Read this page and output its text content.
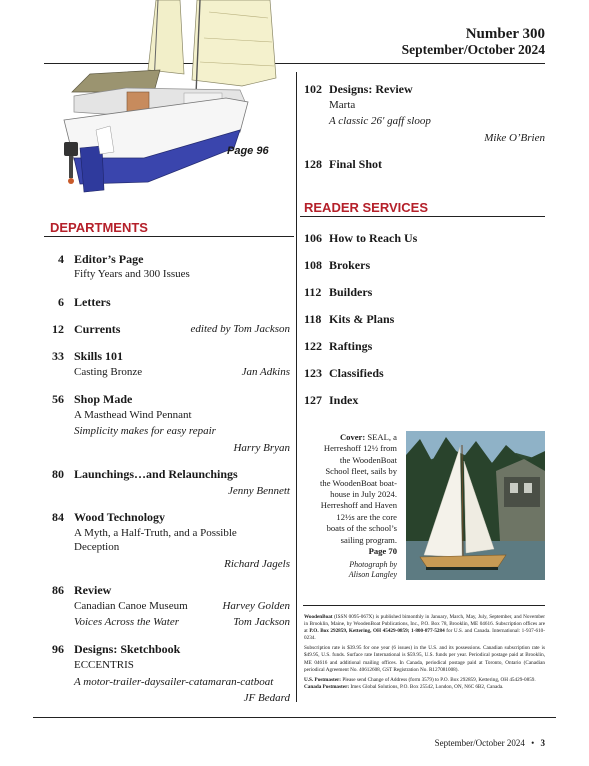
Number 300
September/October 2024
Page 96
DEPARTMENTS
4 Editor’s Page
Fifty Years and 300 Issues
6 Letters
12 Currents	edited by Tom Jackson
33 Skills 101
Casting Bronze	Jan Adkins
56 Shop Made
A Masthead Wind Pennant
Simplicity makes for easy repair
Harry Bryan
80 Launchings…and Relaunchings
Jenny Bennett
84 Wood Technology
A Myth, a Half-Truth, and a Possible
Deception
Richard Jagels
86 Review
Canadian Canoe Museum	Harvey Golden
Voices Across the Water	Tom Jackson
96 Designs: Sketchbook
ECCENTRIS
A motor-trailer-daysailer-catamaran-catboat
JF Bedard
102 Designs: Review
Marta
A classic 26′ gaff sloop
Mike O’Brien
128 Final Shot
READER SERVICES
106 How to Reach Us
108 Brokers
112 Builders
118 Kits & Plans
122 Raftings
123 Classifieds
127 Index
Cover: SEAL, a
Herreshoff 12½ from
the WoodenBoat
School fleet, sails by
the WoodenBoat boat-
house in July 2024.
Herreshoff and Haven
12½s are the core
boats of the school’s
sailing program.
Page 70
Photograph by
Alison Langley
WoodenBoat (ISSN 0095-067X) is published bimonthly in January, March, May, July, September, and November in Brooklin, Maine, by WoodenBoat Publications, Inc., P.O. Box 78, Brooklin, ME 04616. Subscription offices are at P.O. Box 292859, Kettering, OH 45429-0859; 1-800-877-5284 for U.S. and Canada. International: 1-937-610-0234.
Subscription rate is $39.95 for one year (6 issues) in the U.S. and its possessions. Canadian subscription rate is $49.95, U.S. funds. Surface rate International is $59.95, U.S. funds per year. Periodical postage paid at Brooklin, ME 04616 and additional mailing offices. In Canada, periodical postage paid at Toronto, Ontario (Canadian periodical Agreement No. 40612608, GST Registration No. R127081008).
U.S. Postmaster: Please send Change of Address (form 3579) to P.O. Box 292859, Kettering, OH 45429-0859.
Canada Postmaster: Imex Global Solutions, P.O. Box 25542, London, ON, N6C 6B2, Canada.
September/October 2024 • 3
